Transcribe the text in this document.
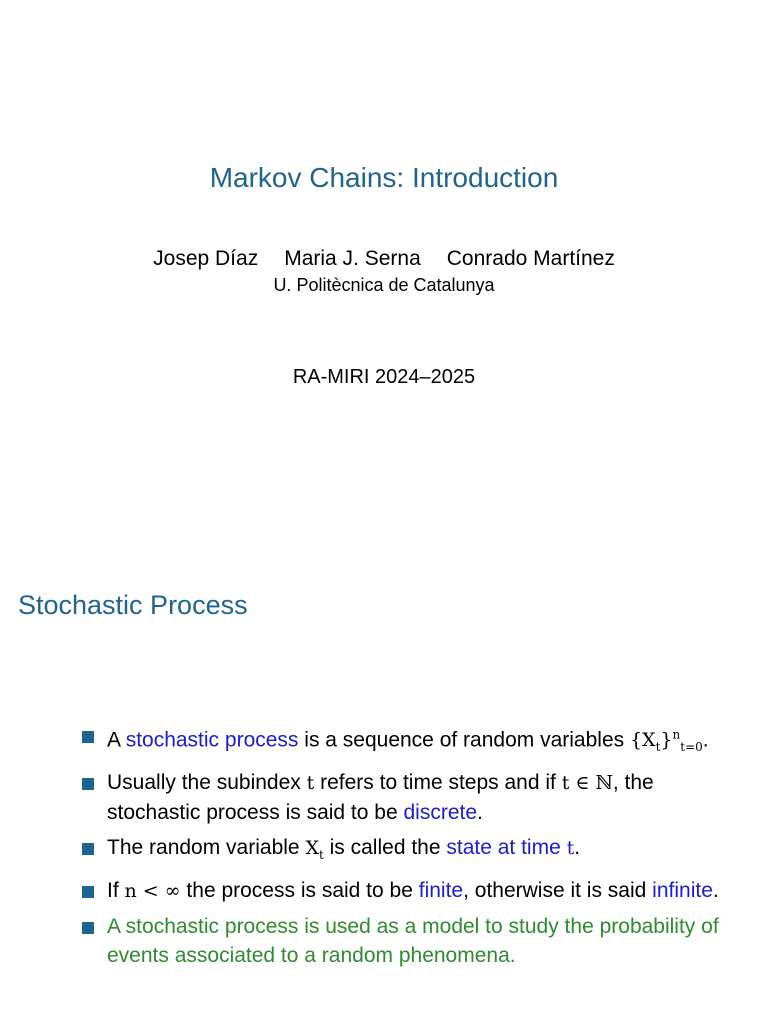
Markov Chains: Introduction
Josep Díaz Maria J. Serna Conrado Martínez
U. Politècnica de Catalunya
RA-MIRI 2024–2025
Stochastic Process
A stochastic process is a sequence of random variables $\{X_t\}^n_{t=0}$.
Usually the subindex t refers to time steps and if t ∈ ℕ, the stochastic process is said to be discrete.
The random variable $X_t$ is called the state at time t.
If n < ∞ the process is said to be finite, otherwise it is said infinite.
A stochastic process is used as a model to study the probability of events associated to a random phenomena.
